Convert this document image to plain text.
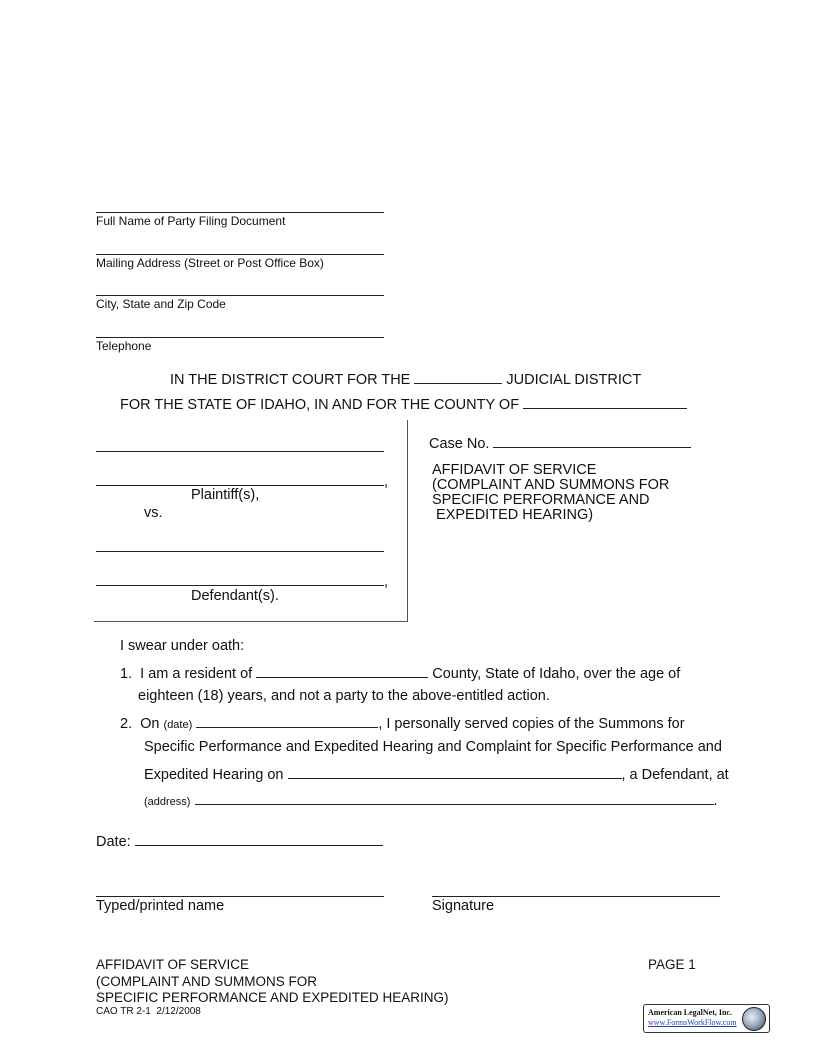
Full Name of Party Filing Document
Mailing Address (Street or Post Office Box)
City, State and Zip Code
Telephone
IN THE DISTRICT COURT FOR THE	JUDICIAL DISTRICT
FOR THE STATE OF IDAHO, IN AND FOR THE COUNTY OF
,
Plaintiff(s),
vs.
,
Defendant(s).
Case No.
AFFIDAVIT OF SERVICE
(COMPLAINT AND SUMMONS FOR
SPECIFIC PERFORMANCE AND
EXPEDITED HEARING)
I swear under oath:
1. I am a resident of	County, State of Idaho, over the age of
eighteen (18) years, and not a party to the above-entitled action.
2. On (date)	, I personally served copies of the Summons for
Specific Performance and Expedited Hearing and Complaint for Specific Performance and
Expedited Hearing on	, a Defendant, at
(address)	.
Date:
Typed/printed name	Signature
AFFIDAVIT OF SERVICE
(COMPLAINT AND SUMMONS FOR
SPECIFIC PERFORMANCE AND EXPEDITED HEARING)
CAO TR 2-1  2/12/2008
PAGE 1
American LegalNet, Inc.
www.FormsWorkFlow.com
